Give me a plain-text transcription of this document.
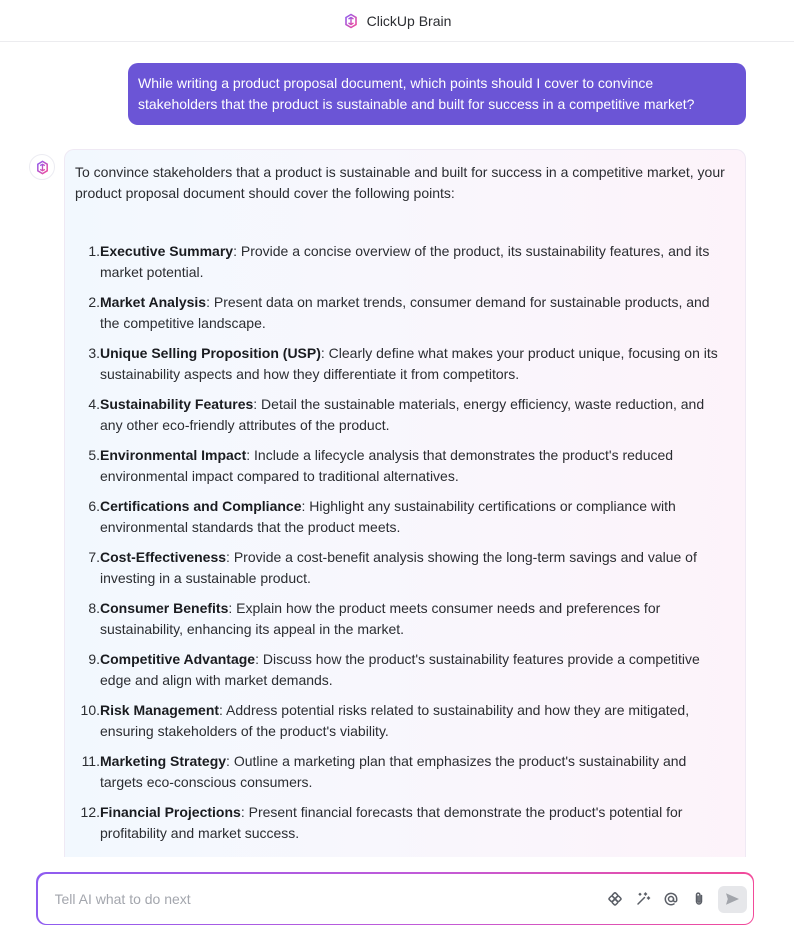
ClickUp Brain
While writing a product proposal document, which points should I cover to convince stakeholders that the product is sustainable and built for success in a competitive market?

To convince stakeholders that a product is sustainable and built for success in a competitive market, your product proposal document should cover the following points:

1. Executive Summary: Provide a concise overview of the product, its sustainability features, and its market potential.
2. Market Analysis: Present data on market trends, consumer demand for sustainable products, and the competitive landscape.
3. Unique Selling Proposition (USP): Clearly define what makes your product unique, focusing on its sustainability aspects and how they differentiate it from competitors.
4. Sustainability Features: Detail the sustainable materials, energy efficiency, waste reduction, and any other eco-friendly attributes of the product.
5. Environmental Impact: Include a lifecycle analysis that demonstrates the product's reduced environmental impact compared to traditional alternatives.
6. Certifications and Compliance: Highlight any sustainability certifications or compliance with environmental standards that the product meets.
7. Cost-Effectiveness: Provide a cost-benefit analysis showing the long-term savings and value of investing in a sustainable product.
8. Consumer Benefits: Explain how the product meets consumer needs and preferences for sustainability, enhancing its appeal in the market.
9. Competitive Advantage: Discuss how the product's sustainability features provide a competitive edge and align with market demands.
10. Risk Management: Address potential risks related to sustainability and how they are mitigated, ensuring stakeholders of the product's viability.
11. Marketing Strategy: Outline a marketing plan that emphasizes the product's sustainability and targets eco-conscious consumers.
12. Financial Projections: Present financial forecasts that demonstrate the product's potential for profitability and market success.
Tell AI what to do next
